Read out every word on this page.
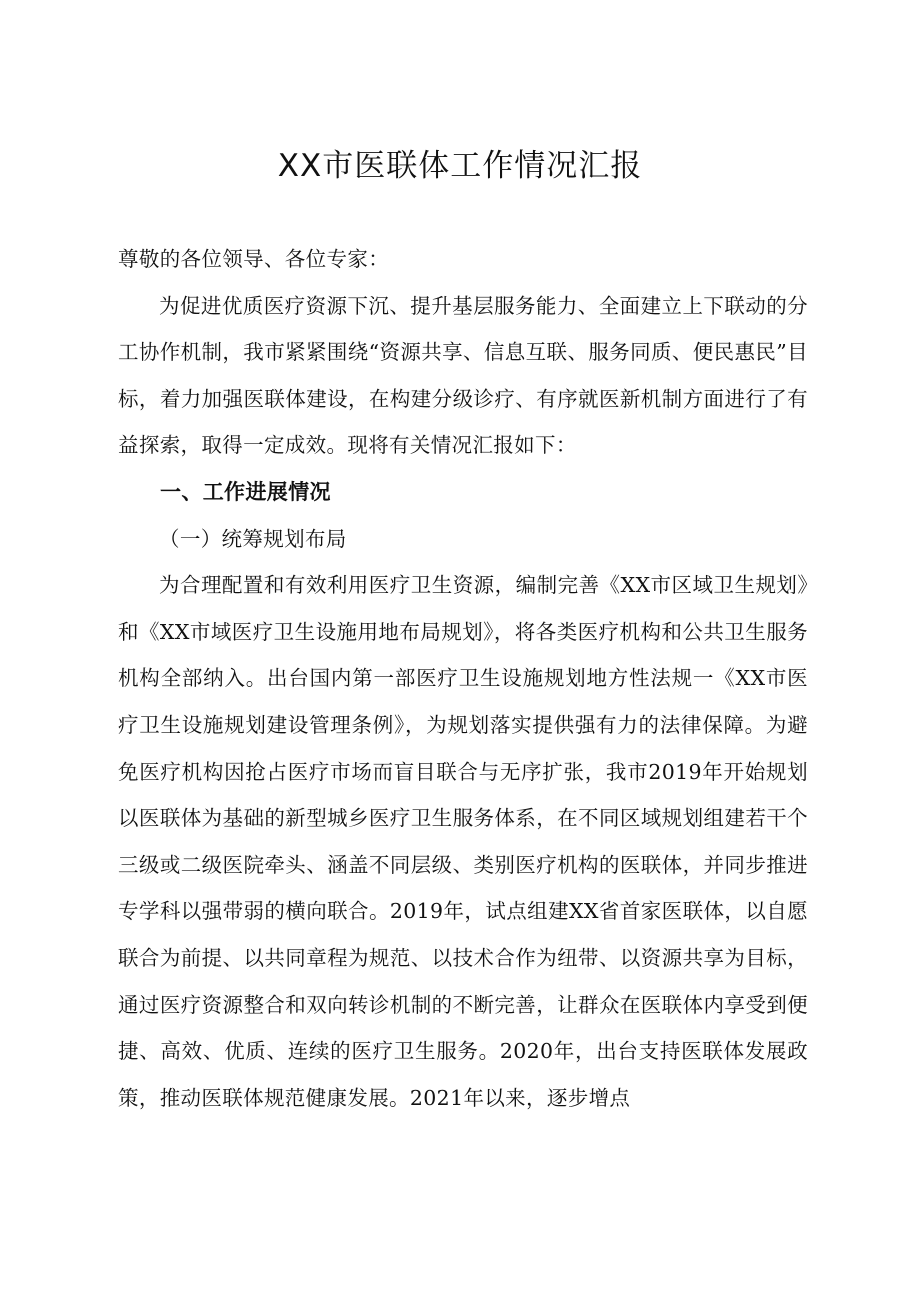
XX市医联体工作情况汇报

尊敬的各位领导、各位专家：

为促进优质医疗资源下沉、提升基层服务能力、全面建立上下联动的分工协作机制，我市紧紧围绕“资源共享、信息互联、服务同质、便民惠民”目标，着力加强医联体建设，在构建分级诊疗、有序就医新机制方面进行了有益探索，取得一定成效。现将有关情况汇报如下：

一、工作进展情况

（一）统筹规划布局

为合理配置和有效利用医疗卫生资源，编制完善《XX市区域卫生规划》和《XX市域医疗卫生设施用地布局规划》，将各类医疗机构和公共卫生服务机构全部纳入。出台国内第一部医疗卫生设施规划地方性法规一《XX市医疗卫生设施规划建设管理条例》，为规划落实提供强有力的法律保障。为避免医疗机构因抢占医疗市场而盲目联合与无序扩张，我市2019年开始规划以医联体为基础的新型城乡医疗卫生服务体系，在不同区域规划组建若干个三级或二级医院牵头、涵盖不同层级、类别医疗机构的医联体，并同步推进专学科以强带弱的横向联合。2019年，试点组建XX省首家医联体，以自愿联合为前提、以共同章程为规范、以技术合作为纽带、以资源共享为目标，通过医疗资源整合和双向转诊机制的不断完善，让群众在医联体内享受到便捷、高效、优质、连续的医疗卫生服务。2020年，出台支持医联体发展政策，推动医联体规范健康发展。2021年以来，逐步增点
